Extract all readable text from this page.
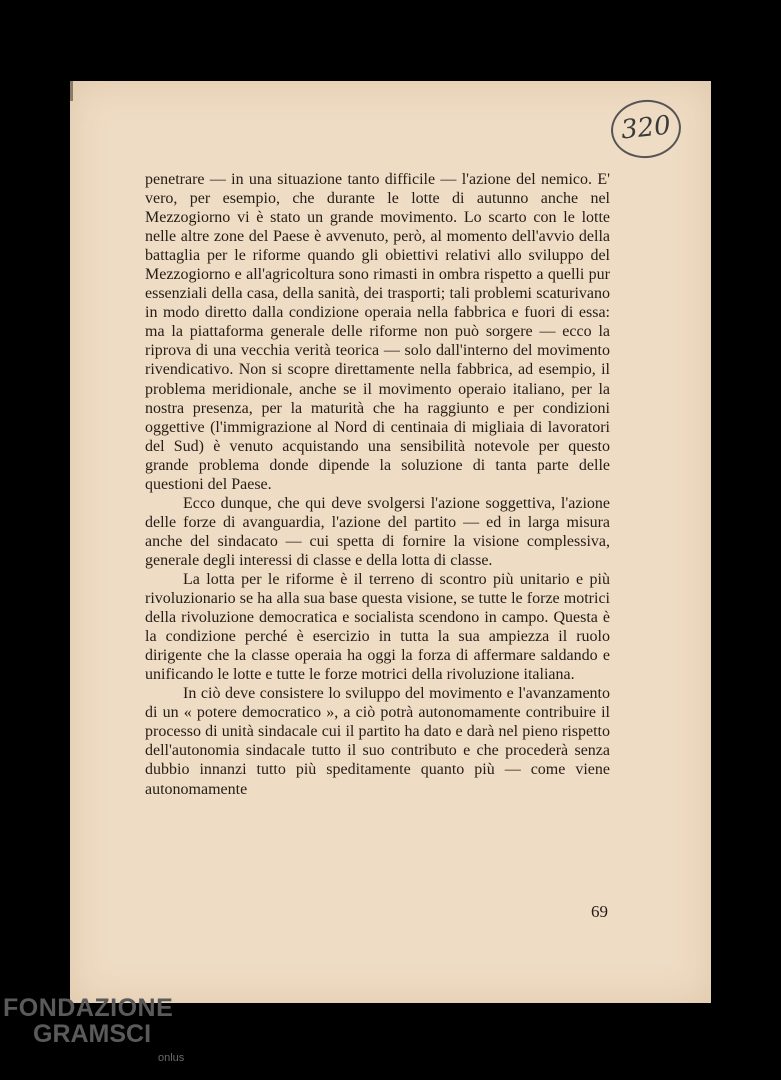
320

penetrare — in una situazione tanto difficile — l'azione del nemico. E' vero, per esempio, che durante le lotte di autunno anche nel Mezzogiorno vi è stato un grande movimento. Lo scarto con le lotte nelle altre zone del Paese è avvenuto, però, al momento dell'avvio della battaglia per le riforme quando gli obiettivi relativi allo sviluppo del Mezzogiorno e all'agricoltura sono rimasti in ombra rispetto a quelli pur essenziali della casa, della sanità, dei trasporti; tali problemi scaturivano in modo diretto dalla condizione operaia nella fabbrica e fuori di essa: ma la piattaforma generale delle riforme non può sorgere — ecco la riprova di una vecchia verità teorica — solo dall'interno del movimento rivendicativo. Non si scopre direttamente nella fabbrica, ad esempio, il problema meridionale, anche se il movimento operaio italiano, per la nostra presenza, per la maturità che ha raggiunto e per condizioni oggettive (l'immigrazione al Nord di centinaia di migliaia di lavoratori del Sud) è venuto acquistando una sensibilità notevole per questo grande problema donde dipende la soluzione di tanta parte delle questioni del Paese.

Ecco dunque, che qui deve svolgersi l'azione soggettiva, l'azione delle forze di avanguardia, l'azione del partito — ed in larga misura anche del sindacato — cui spetta di fornire la visione complessiva, generale degli interessi di classe e della lotta di classe.

La lotta per le riforme è il terreno di scontro più unitario e più rivoluzionario se ha alla sua base questa visione, se tutte le forze motrici della rivoluzione democratica e socialista scendono in campo. Questa è la condizione perché è esercizio in tutta la sua ampiezza il ruolo dirigente che la classe operaia ha oggi la forza di affermare saldando e unificando le lotte e tutte le forze motrici della rivoluzione italiana.

In ciò deve consistere lo sviluppo del movimento e l'avanzamento di un « potere democratico », a ciò potrà autonomamente contribuire il processo di unità sindacale cui il partito ha dato e darà nel pieno rispetto dell'autonomia sindacale tutto il suo contributo e che procederà senza dubbio innanzi tutto più speditamente quanto più — come viene autonomamente

69
FONDAZIONE
GRAMSCI
onlus
